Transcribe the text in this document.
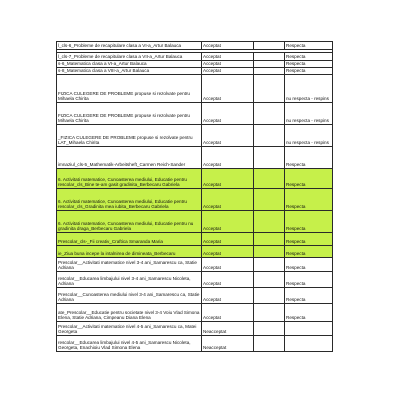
l_cls-6_Probleme de recapitulare clasa a VI-a_Artur Balauca	Acceptat		Respecta

l_cls-7_Probleme de recapitulare clasa a VII-a_Artur Balauca	Acceptat		Respecta
s-6_Matematica clasa a VI-a_Artur Balauca	Acceptat		Respecta
s-8_Matematica clasa a VIII-a_Artur Balauca	Acceptat		Respecta
FIZICA CULEGERE DE PROBLEME propuse si rezolvate pentru Mihaela Chirita	Acceptat		nu respecta - respins
FIZICA CULEGERE DE PROBLEME propuse si rezolvate pentru Mihaela Chirita	Acceptat		nu respecta - respins
_FIZICA CULEGERE DE PROBLEME propuse si rezolvate pentru LAT_Mihaela Chirita	Acceptat		nu respecta - respins
imnaziul_cls-5_Mathematik-Arbeitsheft_Carmen Reich-Sander	Acceptat		Respecta
6. Activitati matematice, Cunoasterea mediului, Educatie pentru rescolar_cls_Bine te-am gasit gradinita_Berbecaru Gabriela	Acceptat		Respecta
6. Activitati matematice, Cunoasterea mediului, Educatie pentru rescolar_cls_Gradinita mea iubita_Berbecaru Gabriela	Acceptat		Respecta
6. Activitati matematice, Cunoasterea mediului, Educatie pentru nu gradinita draga_Berbecaru Gabriela	Acceptat		Respecta
Prescolar_cls-_Fii creativ_Craftica Smaranda Maria	Acceptat		Respecta
ie_Ziua buna incepe la intalnirea de dimineata_Berbecaru	Acceptat		Respecta
Prescolar__Activitati matematice nivel 3-4 ani_Samarescu ca, Statie Adriana	Acceptat		Respecta
rescolar__Educarea limbajului nivel 3-4 ani_Samarescu Nicoleta, Adriana	Acceptat		Respecta
Prescolar__Cunoasterea mediului nivel 3-4 ani_Samarescu ca, Statie Adriana	Acceptat		Respecta
ate_Prescolar__Educatie pentru societate nivel 3-4 Voiu Vlad Simona Elena, Statie Adriana, Cimpeanu Diana Elena	Acceptat		Respecta
Prescolar__Activitati matematice nivel 4-5 ani_Samarescu ca, Matei Georgeta	Neacceptat		
rescolar__Educarea limbajului nivel 4-5 ani_Samarescu Nicoleta, Georgeta, Enachioiu Vlad Simona Elena	Neacceptat		
